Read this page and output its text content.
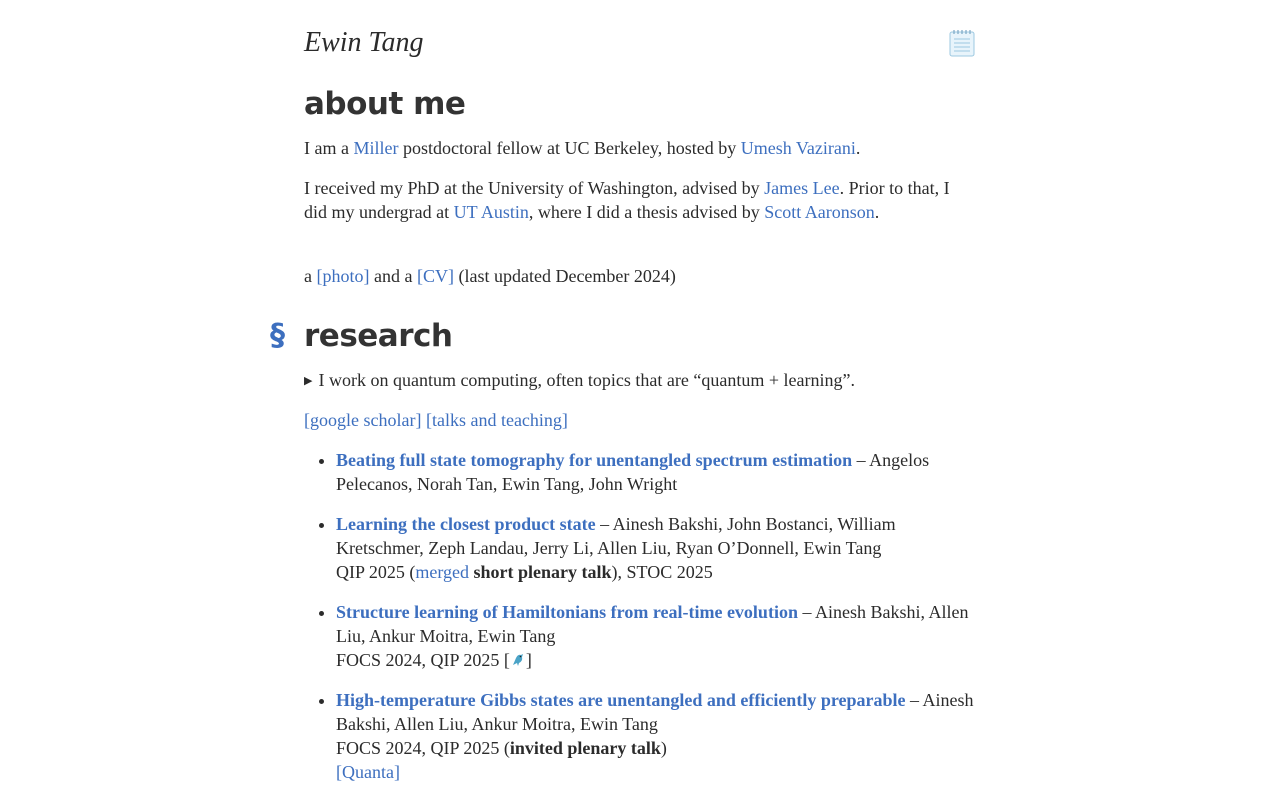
Ewin Tang
about me

I am a Miller postdoctoral fellow at UC Berkeley, hosted by Umesh Vazirani.

I received my PhD at the University of Washington, advised by James Lee. Prior to that, I did my undergrad at UT Austin, where I did a thesis advised by Scott Aaronson.

a [photo] and a [CV] (last updated December 2024)

§ research

▶ I work on quantum computing, often topics that are “quantum + learning”.

[google scholar] [talks and teaching]

• Beating full state tomography for unentangled spectrum estimation – Angelos Pelecanos, Norah Tan, Ewin Tang, John Wright
• Learning the closest product state – Ainesh Bakshi, John Bostanci, William Kretschmer, Zeph Landau, Jerry Li, Allen Liu, Ryan O’Donnell, Ewin Tang
QIP 2025 (merged short plenary talk), STOC 2025
• Structure learning of Hamiltonians from real-time evolution – Ainesh Bakshi, Allen Liu, Ankur Moitra, Ewin Tang
FOCS 2024, QIP 2025 [ ]
• High-temperature Gibbs states are unentangled and efficiently preparable – Ainesh Bakshi, Allen Liu, Ankur Moitra, Ewin Tang
FOCS 2024, QIP 2025 (invited plenary talk)
[Quanta]
